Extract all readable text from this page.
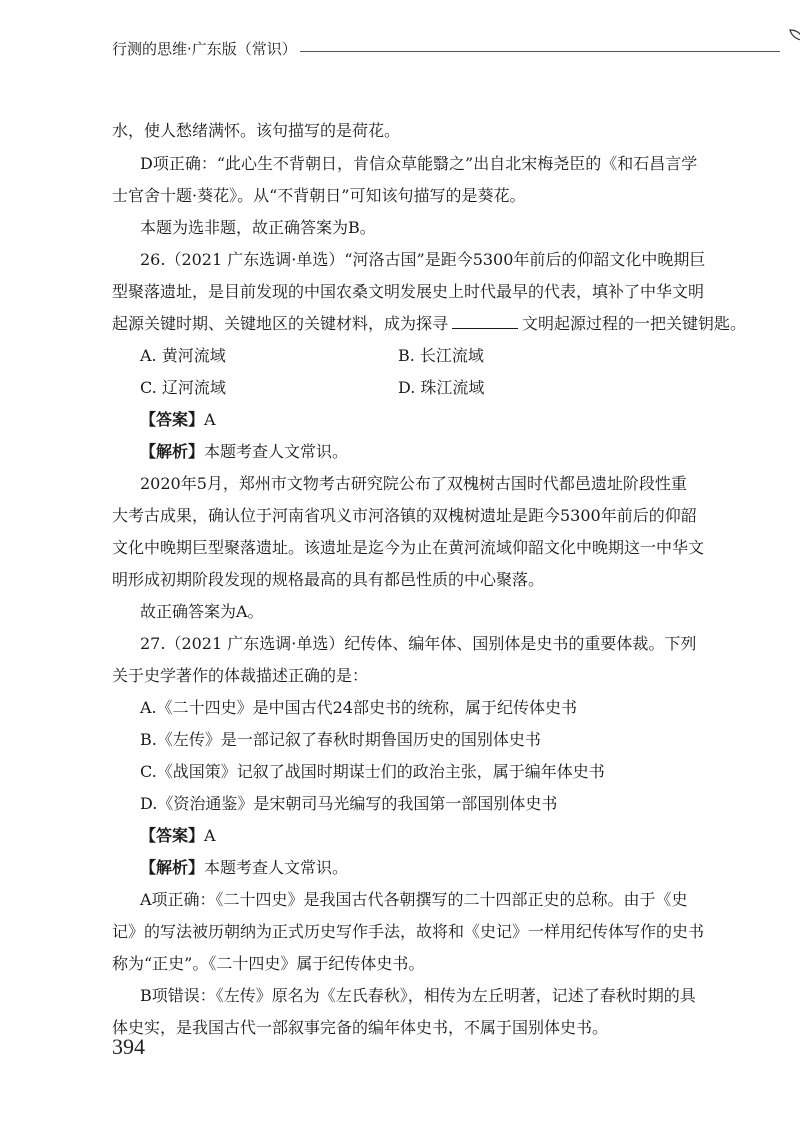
行测的思维·广东版（常识）
水，使人愁绪满怀。该句描写的是荷花。
D项正确：“此心生不背朝日，肯信众草能翳之”出自北宋梅尧臣的《和石昌言学
士官舍十题·葵花》。从“不背朝日”可知该句描写的是葵花。
本题为选非题，故正确答案为B。
26.（2021 广东选调·单选）“河洛古国”是距今5300年前后的仰韶文化中晚期巨
型聚落遗址，是目前发现的中国农桑文明发展史上时代最早的代表，填补了中华文明
起源关键时期、关键地区的关键材料，成为探寻	文明起源过程的一把关键钥匙。
A. 黄河流域	B. 长江流域
C. 辽河流域	D. 珠江流域
【答案】A
【解析】本题考查人文常识。
2020年5月，郑州市文物考古研究院公布了双槐树古国时代都邑遗址阶段性重
大考古成果，确认位于河南省巩义市河洛镇的双槐树遗址是距今5300年前后的仰韶
文化中晚期巨型聚落遗址。该遗址是迄今为止在黄河流域仰韶文化中晚期这一中华文
明形成初期阶段发现的规格最高的具有都邑性质的中心聚落。
故正确答案为A。
27.（2021 广东选调·单选）纪传体、编年体、国别体是史书的重要体裁。下列
关于史学著作的体裁描述正确的是：
A.《二十四史》是中国古代24部史书的统称，属于纪传体史书
B.《左传》是一部记叙了春秋时期鲁国历史的国别体史书
C.《战国策》记叙了战国时期谋士们的政治主张，属于编年体史书
D.《资治通鉴》是宋朝司马光编写的我国第一部国别体史书
【答案】A
【解析】本题考查人文常识。
A项正确：《二十四史》是我国古代各朝撰写的二十四部正史的总称。由于《史
记》的写法被历朝纳为正式历史写作手法，故将和《史记》一样用纪传体写作的史书
称为“正史”。《二十四史》属于纪传体史书。
B项错误：《左传》原名为《左氏春秋》，相传为左丘明著，记述了春秋时期的具
体史实，是我国古代一部叙事完备的编年体史书，不属于国别体史书。
394
